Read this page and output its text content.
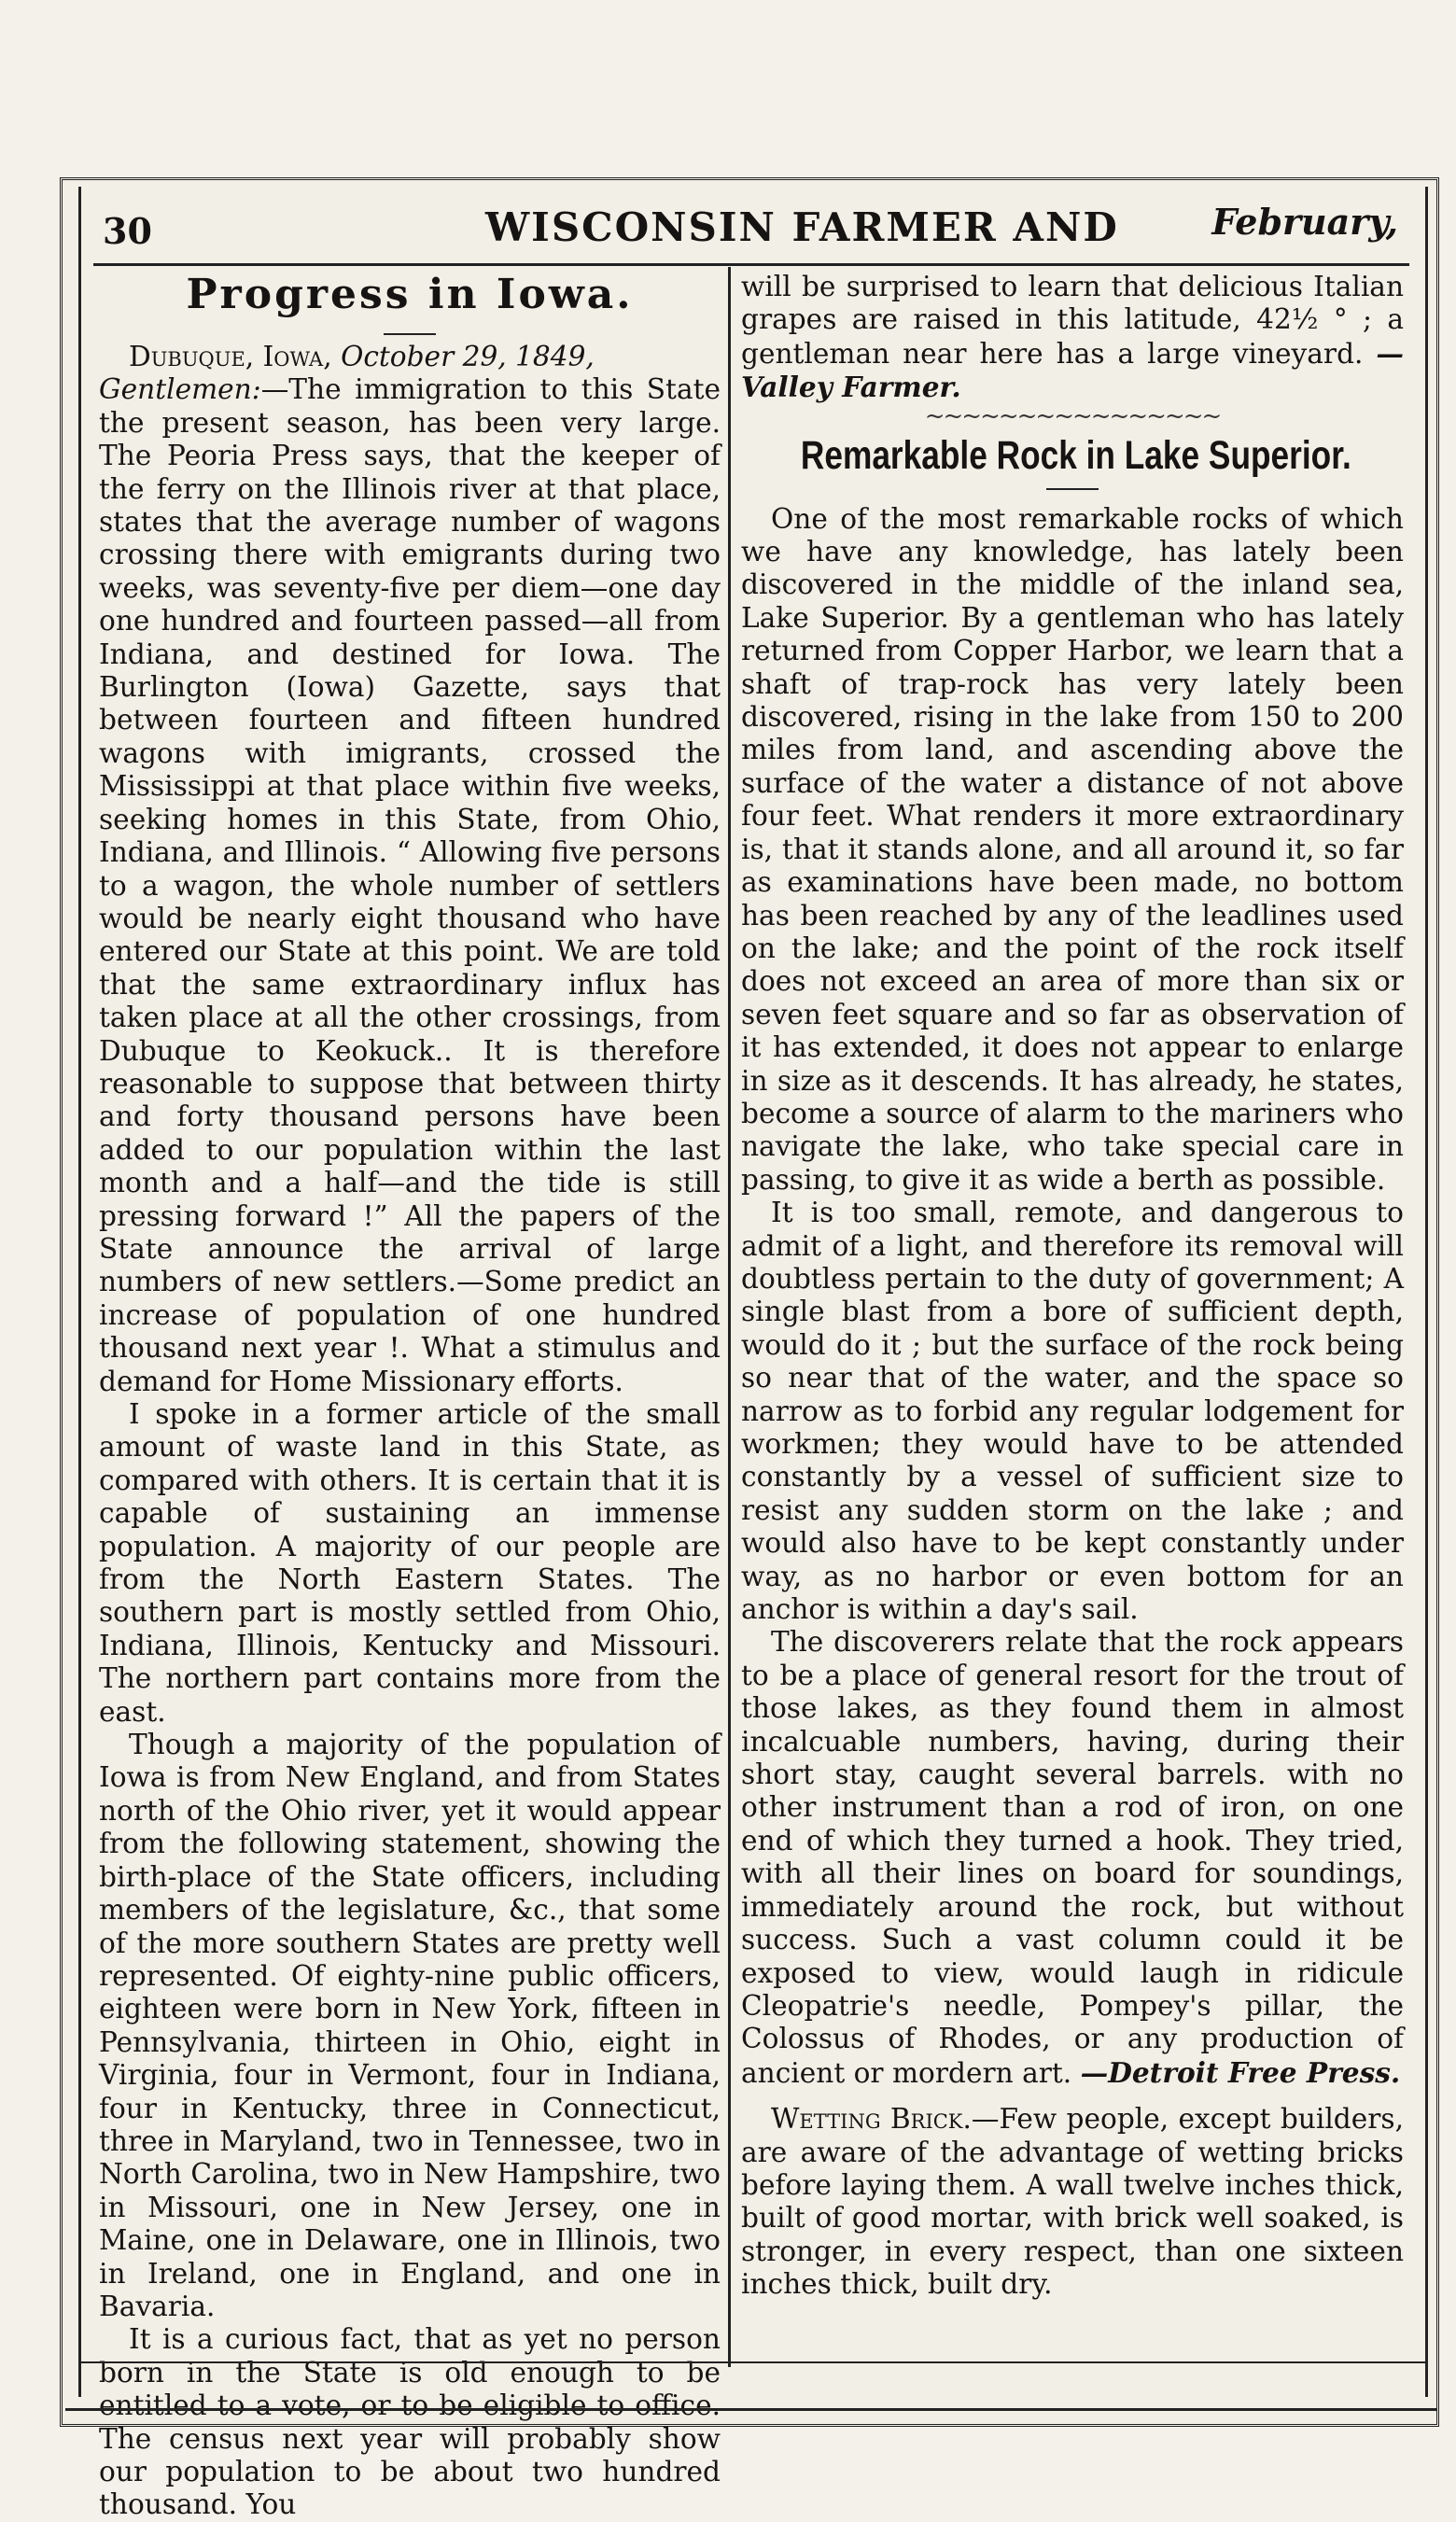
30	WISCONSIN FARMER AND	February,
Progress in Iowa.

Dubuque, Iowa, October 29, 1849,

Gentlemen:—The immigration to this State the present season, has been very large. The Peoria Press says, that the keeper of the ferry on the Illinois river at that place, states that the average number of wagons crossing there with emigrants during two weeks, was seventy-five per diem—one day one hundred and fourteen passed—all from Indiana, and destined for Iowa. The Burlington (Iowa) Gazette, says that between fourteen and fifteen hundred wagons with imigrants, crossed the Mississippi at that place within five weeks, seeking homes in this State, from Ohio, Indiana, and Illinois. “ Allowing five persons to a wagon, the whole number of settlers would be nearly eight thousand who have entered our State at this point. We are told that the same extraordinary influx has taken place at all the other crossings, from Dubuque to Keokuck.. It is therefore reasonable to suppose that between thirty and forty thousand persons have been added to our population within the last month and a half—and the tide is still pressing forward !” All the papers of the State announce the arrival of large numbers of new settlers.—Some predict an increase of population of one hundred thousand next year !. What a stimulus and demand for Home Missionary efforts.

I spoke in a former article of the small amount of waste land in this State, as compared with others. It is certain that it is capable of sustaining an immense population. A majority of our people are from the North Eastern States. The southern part is mostly settled from Ohio, Indiana, Illinois, Kentucky and Missouri. The northern part contains more from the east.

Though a majority of the population of Iowa is from New England, and from States north of the Ohio river, yet it would appear from the following statement, showing the birth-place of the State officers, including members of the legislature, &c., that some of the more southern States are pretty well represented. Of eighty-nine public officers, eighteen were born in New York, fifteen in Pennsylvania, thirteen in Ohio, eight in Virginia, four in Vermont, four in Indiana, four in Kentucky, three in Connecticut, three in Maryland, two in Tennessee, two in North Carolina, two in New Hampshire, two in Missouri, one in New Jersey, one in Maine, one in Delaware, one in Illinois, two in Ireland, one in England, and one in Bavaria.

It is a curious fact, that as yet no person born in the State is old enough to be entitled to a vote, or to be eligible to office. The census next year will probably show our population to be about two hundred thousand. You

will be surprised to learn that delicious Italian grapes are raised in this latitude, 42½ ° ; a gentleman near here has a large vineyard. —Valley Farmer.

~~~~~~~~~~~~~~~~
Remarkable Rock in Lake Superior.

One of the most remarkable rocks of which we have any knowledge, has lately been discovered in the middle of the inland sea, Lake Superior. By a gentleman who has lately returned from Copper Harbor, we learn that a shaft of trap-rock has very lately been discovered, rising in the lake from 150 to 200 miles from land, and ascending above the surface of the water a distance of not above four feet. What renders it more extraordinary is, that it stands alone, and all around it, so far as examinations have been made, no bottom has been reached by any of the leadlines used on the lake; and the point of the rock itself does not exceed an area of more than six or seven feet square and so far as observation of it has extended, it does not appear to enlarge in size as it descends. It has already, he states, become a source of alarm to the mariners who navigate the lake, who take special care in passing, to give it as wide a berth as possible.

It is too small, remote, and dangerous to admit of a light, and therefore its removal will doubtless pertain to the duty of government; A single blast from a bore of sufficient depth, would do it ; but the surface of the rock being so near that of the water, and the space so narrow as to forbid any regular lodgement for workmen; they would have to be attended constantly by a vessel of sufficient size to resist any sudden storm on the lake ; and would also have to be kept constantly under way, as no harbor or even bottom for an anchor is within a day's sail.

The discoverers relate that the rock appears to be a place of general resort for the trout of those lakes, as they found them in almost incalcuable numbers, having, during their short stay, caught several barrels. with no other instrument than a rod of iron, on one end of which they turned a hook. They tried, with all their lines on board for soundings, immediately around the rock, but without success. Such a vast column could it be exposed to view, would laugh in ridicule Cleopatrie's needle, Pompey's pillar, the Colossus of Rhodes, or any production of ancient or mordern art. —Detroit Free Press.

Wetting Brick.—Few people, except builders, are aware of the advantage of wetting bricks before laying them. A wall twelve inches thick, built of good mortar, with brick well soaked, is stronger, in every respect, than one sixteen inches thick, built dry.
